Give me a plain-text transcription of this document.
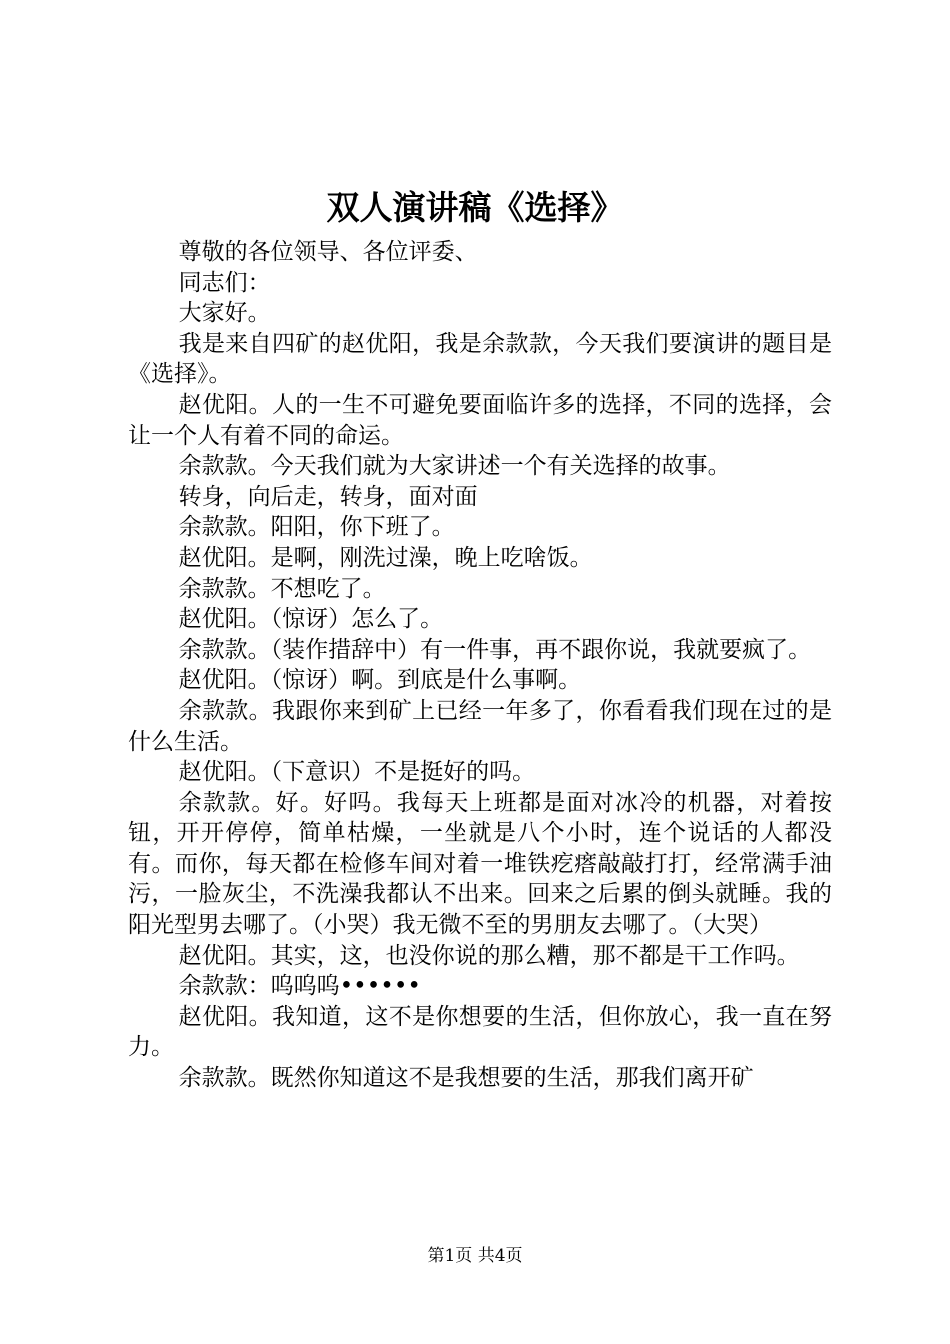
双人演讲稿《选择》

尊敬的各位领导、各位评委、

同志们：

大家好。

我是来自四矿的赵优阳，我是余款款，今天我们要演讲的题目是《选择》。

赵优阳。人的一生不可避免要面临许多的选择，不同的选择，会让一个人有着不同的命运。

余款款。今天我们就为大家讲述一个有关选择的故事。

转身，向后走，转身，面对面

余款款。阳阳，你下班了。

赵优阳。是啊，刚洗过澡，晚上吃啥饭。

余款款。不想吃了。

赵优阳。（惊讶）怎么了。

余款款。（装作措辞中）有一件事，再不跟你说，我就要疯了。

赵优阳。（惊讶）啊。到底是什么事啊。

余款款。我跟你来到矿上已经一年多了，你看看我们现在过的是什么生活。

赵优阳。（下意识）不是挺好的吗。

余款款。好。好吗。我每天上班都是面对冰冷的机器，对着按钮，开开停停，简单枯燥，一坐就是八个小时，连个说话的人都没有。而你，每天都在检修车间对着一堆铁疙瘩敲敲打打，经常满手油污，一脸灰尘，不洗澡我都认不出来。回来之后累的倒头就睡。我的阳光型男去哪了。（小哭）我无微不至的男朋友去哪了。（大哭）

赵优阳。其实，这，也没你说的那么糟，那不都是干工作吗。

余款款：呜呜呜••••••

赵优阳。我知道，这不是你想要的生活，但你放心，我一直在努力。

余款款。既然你知道这不是我想要的生活，那我们离开矿

第1页 共4页
